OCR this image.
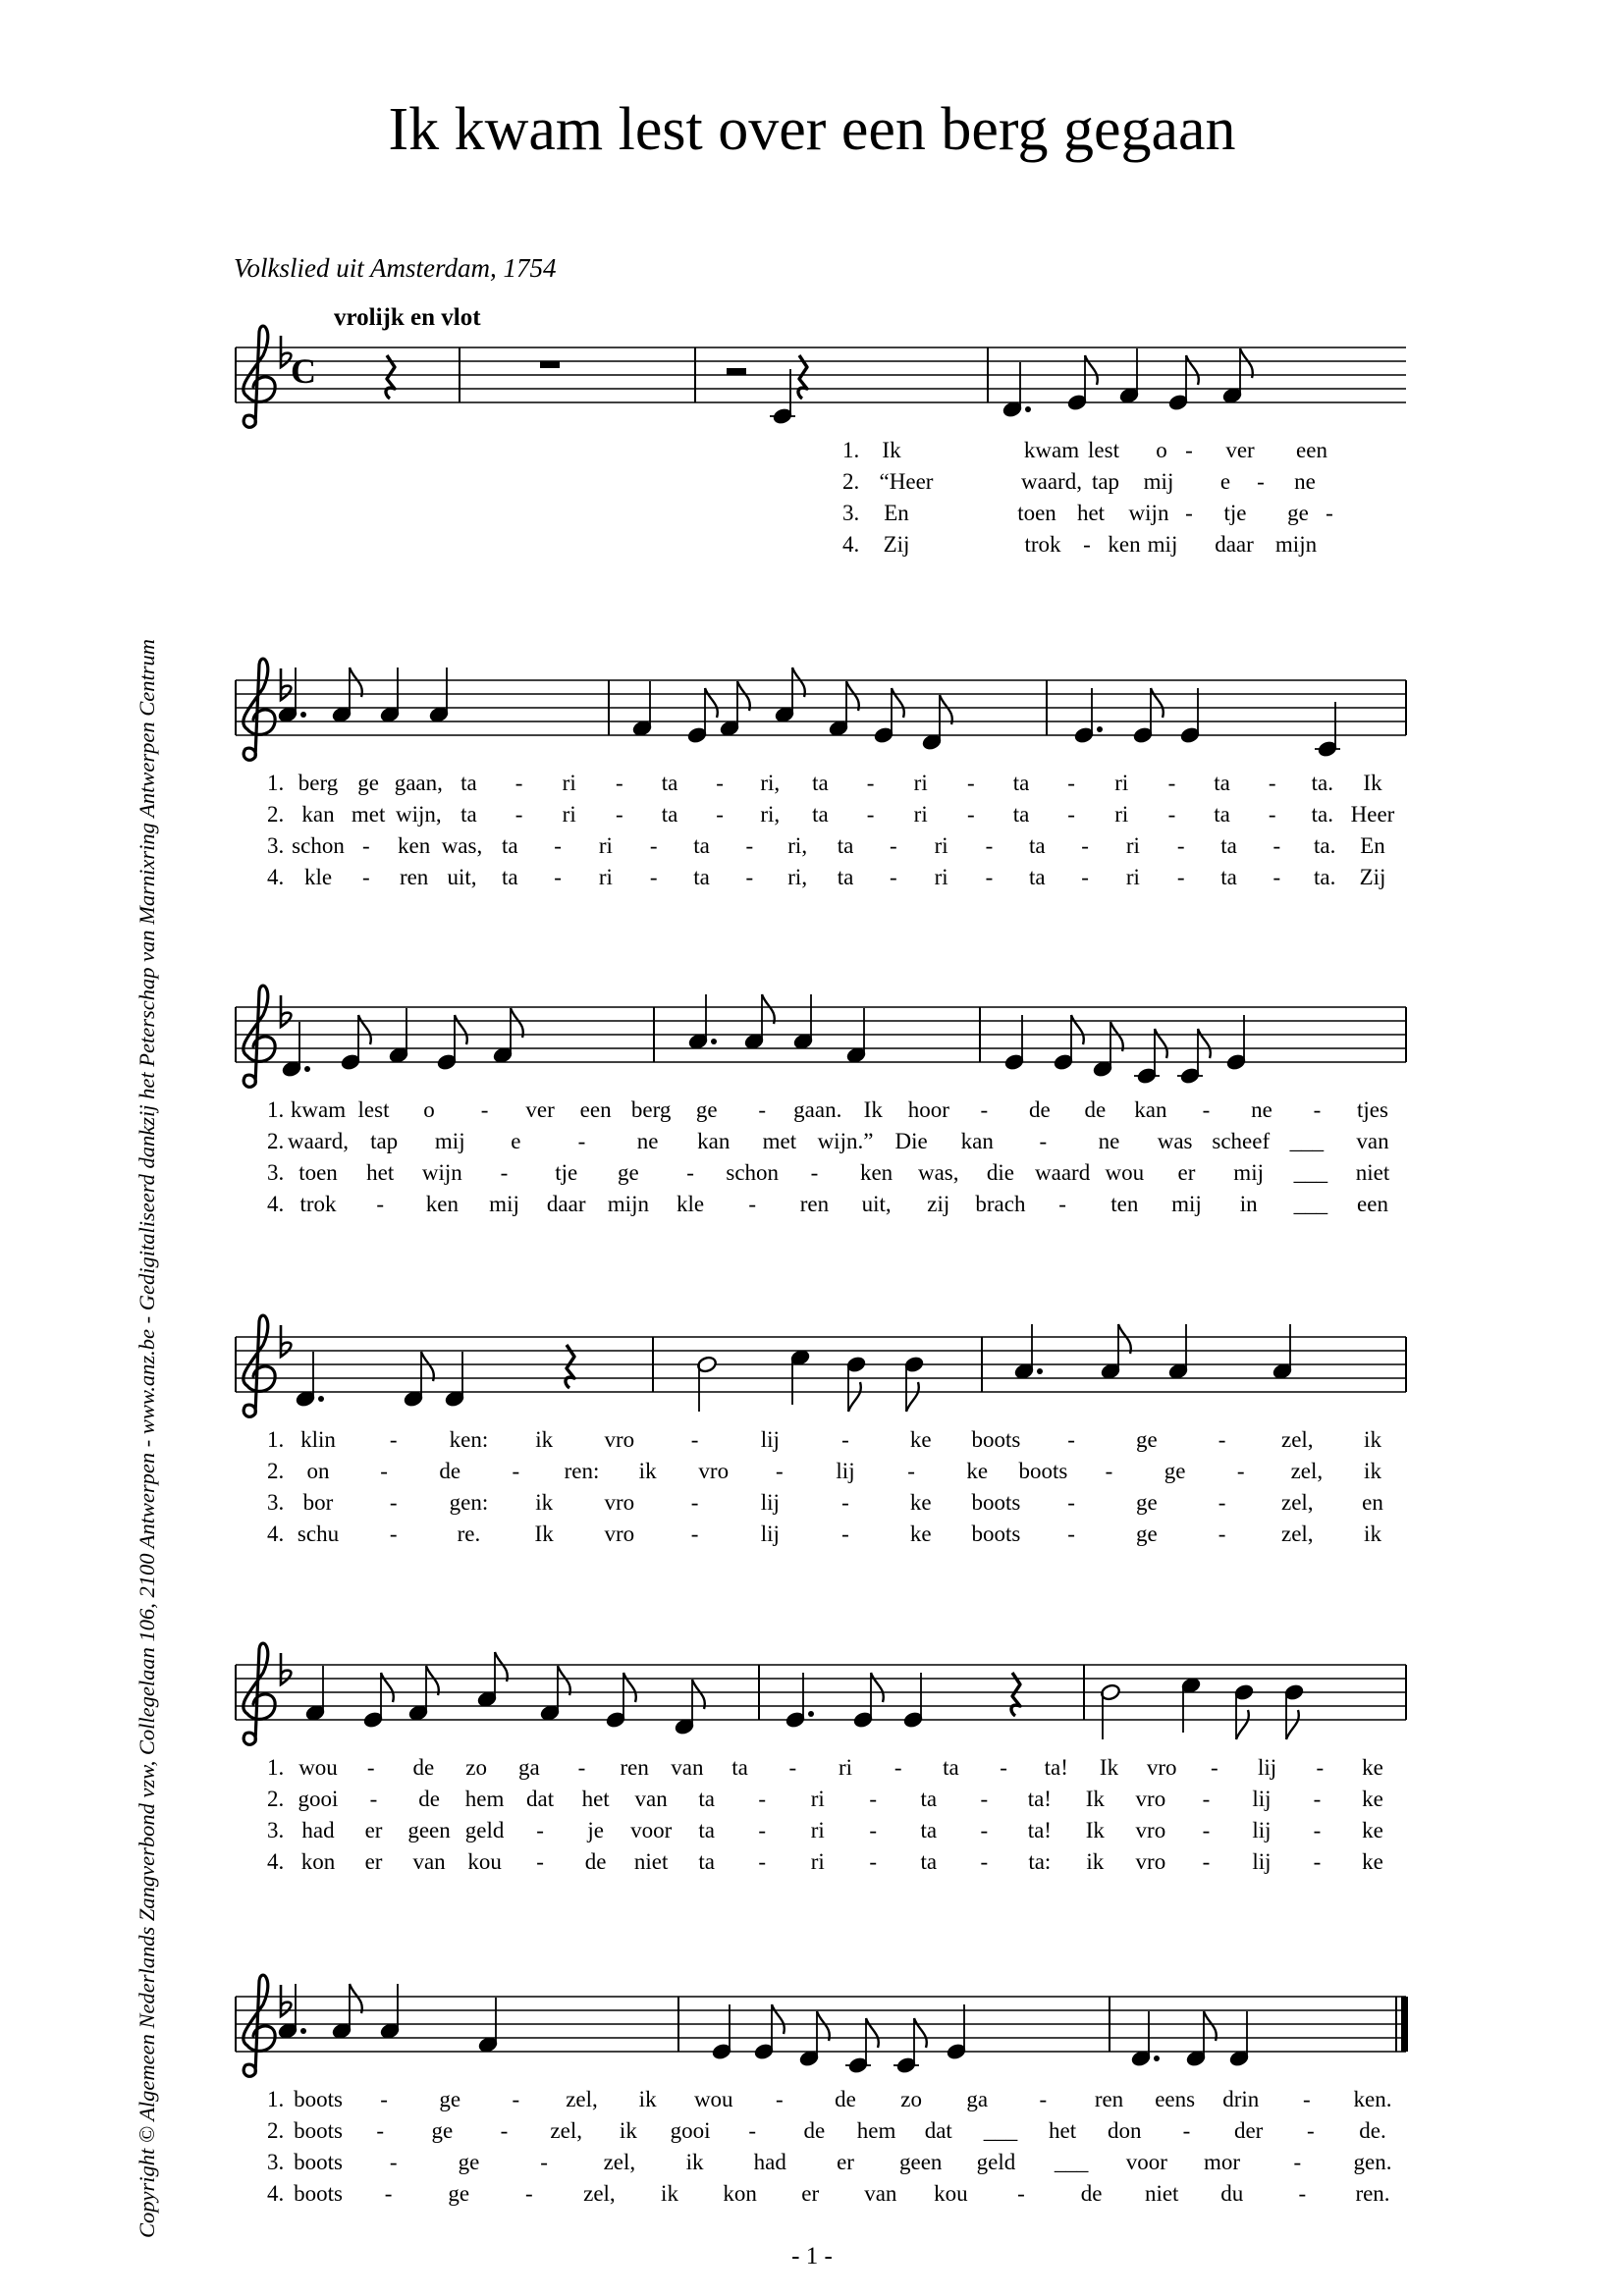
Ik kwam lest over een berg gegaan
Volkslied uit Amsterdam, 1754
vrolijk en vlot
Copyright © Algemeen Nederlands Zangverbond vzw, Collegelaan 106, 2100 Antwerpen - www.anz.be - Gedigitaliseerd dankzij het Peterschap van Marnixring Antwerpen Centrum
- 1 -
C
1. Ik	kwam lest o - ver een
2. “Heer	waard, tap mij e - ne
3. En	toen het wijn - tje ge -
4. Zij	trok - ken mij daar mijn
1. berg ge gaan, ta - ri - ta - ri, ta - ri - ta - ri - ta - ta. Ik
2. kan met wijn, ta - ri - ta - ri, ta - ri - ta - ri - ta - ta. Heer
3. schon - ken was, ta - ri - ta - ri, ta - ri - ta - ri - ta - ta. En
4. kle - ren uit, ta - ri - ta - ri, ta - ri - ta - ri - ta - ta. Zij
1. kwam lest o - ver een berg ge - gaan. Ik hoor - de de kan - ne - tjes
2. waard, tap mij e	- ne kan met wijn.” Die kan - ne was scheef ___ van
3. toen het wijn - tje ge - schon - ken was, die waard wou er mij ___ niet
4. trok - ken mij daar mijn kle - ren uit, zij brach - ten mij in ___ een
1. klin - ken: ik vro	-	lij	-	ke boots -	ge	- zel, ik
2. on - de - ren: ik vro - lij - ke boots - ge - zel, ik
3. bor	- gen: ik vro	-	lij	-	ke boots -	ge	- zel, en
4. schu -	re. Ik vro	-	lij	-	ke boots -	ge	- zel, ik
1. wou - de zo ga - ren van ta - ri - ta - ta! Ik vro - lij - ke
2. gooi - de hem dat het van ta - ri - ta - ta! Ik vro - lij - ke
3. had er geen geld - je voor ta - ri - ta - ta! Ik vro - lij - ke
4. kon er van kou - de niet ta - ri - ta - ta: ik vro - lij - ke
1. boots - ge - zel, ik wou - de zo ga - ren eens drin - ken.
2. boots - ge - zel, ik gooi - de hem dat ___ het don - der - de.
3. boots -	ge	- zel, ik had er geen geld ___ voor mor - gen.
4. boots - ge - zel, ik kon er van kou - de niet du - ren.
